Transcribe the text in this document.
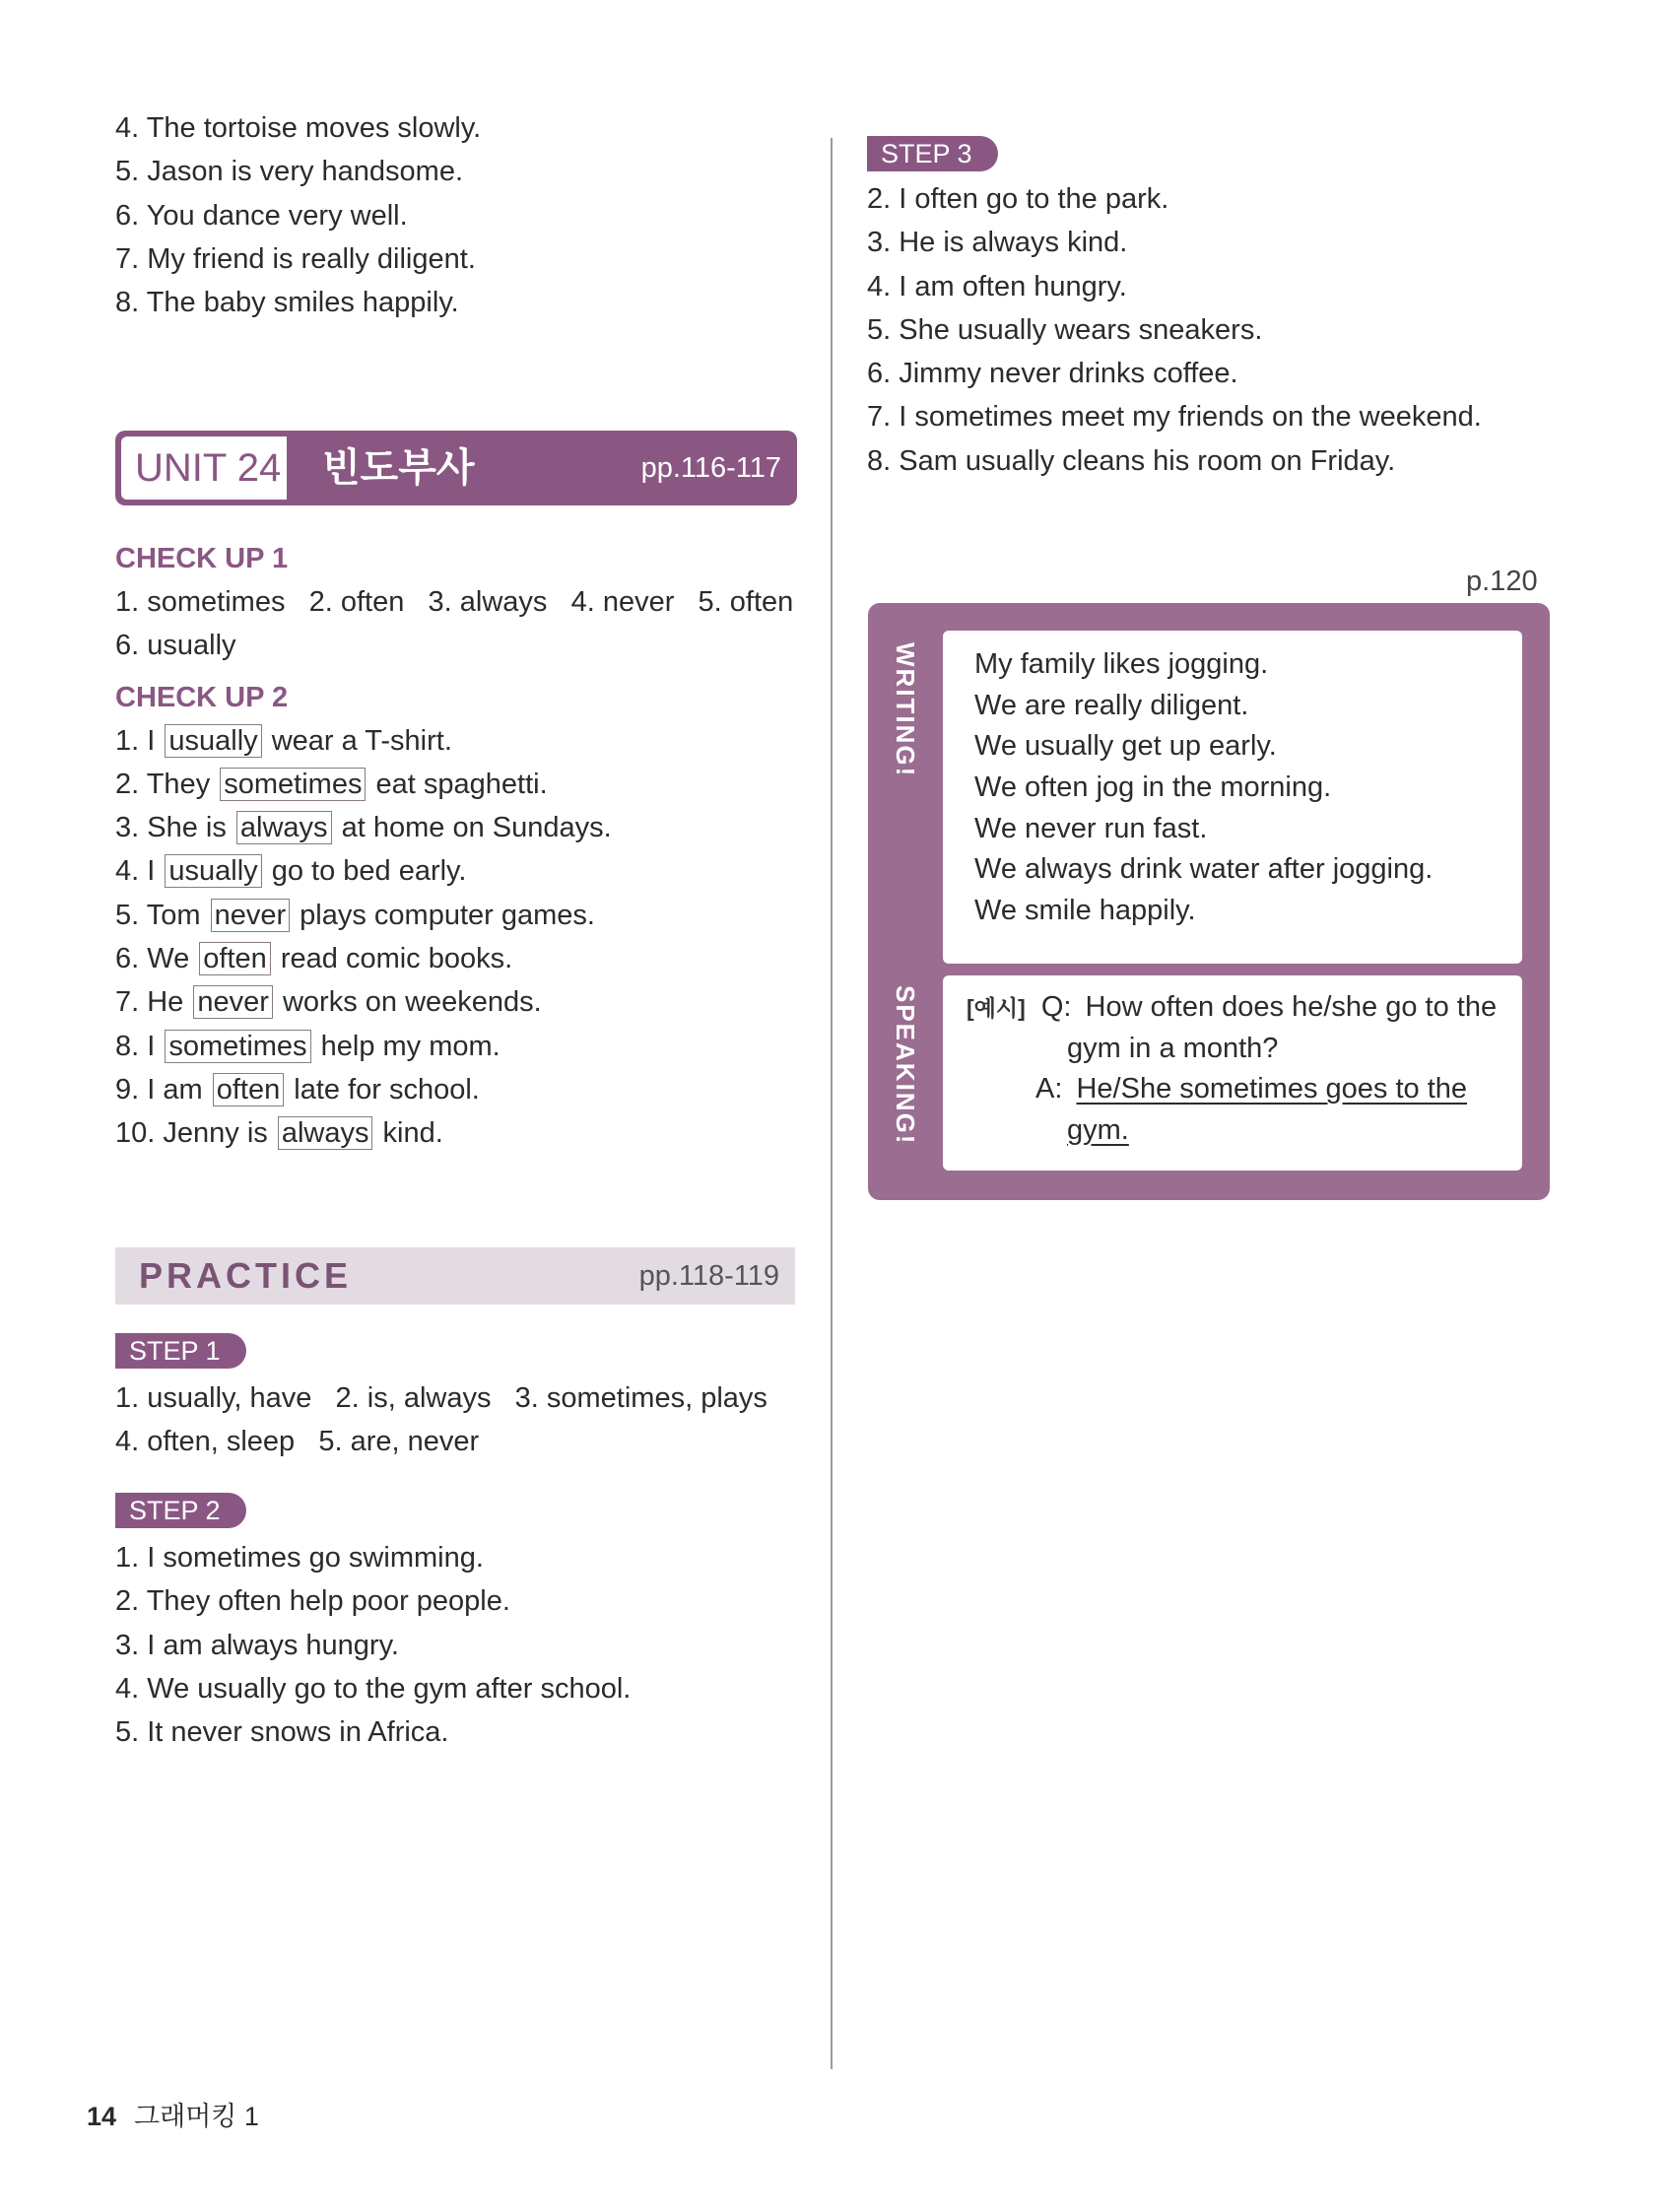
4. The tortoise moves slowly.
5. Jason is very handsome.
6. You dance very well.
7. My friend is really diligent.
8. The baby smiles happily.
UNIT 24 빈도부사	pp.116-117
CHECK UP 1
1. sometimes   2. often   3. always   4. never   5. often
6. usually
CHECK UP 2
1. I usually wear a T-shirt.
2. They sometimes eat spaghetti.
3. She is always at home on Sundays.
4. I usually go to bed early.
5. Tom never plays computer games.
6. We often read comic books.
7. He never works on weekends.
8. I sometimes help my mom.
9. I am often late for school.
10. Jenny is always kind.
PRACTICE	pp.118-119
STEP 1
1. usually, have   2. is, always   3. sometimes, plays
4. often, sleep   5. are, never
STEP 2
1. I sometimes go swimming.
2. They often help poor people.
3. I am always hungry.
4. We usually go to the gym after school.
5. It never snows in Africa.
STEP 3
2. I often go to the park.
3. He is always kind.
4. I am often hungry.
5. She usually wears sneakers.
6. Jimmy never drinks coffee.
7. I sometimes meet my friends on the weekend.
8. Sam usually cleans his room on Friday.
p.120
WRITING! My family likes jogging.
We are really diligent.
We usually get up early.
We often jog in the morning.
We never run fast.
We always drink water after jogging.
We smile happily.
SPEAKING! [예시] Q: How often does he/she go to the
gym in a month?
A: He/She sometimes goes to the
gym.
14 그래머킹 1
